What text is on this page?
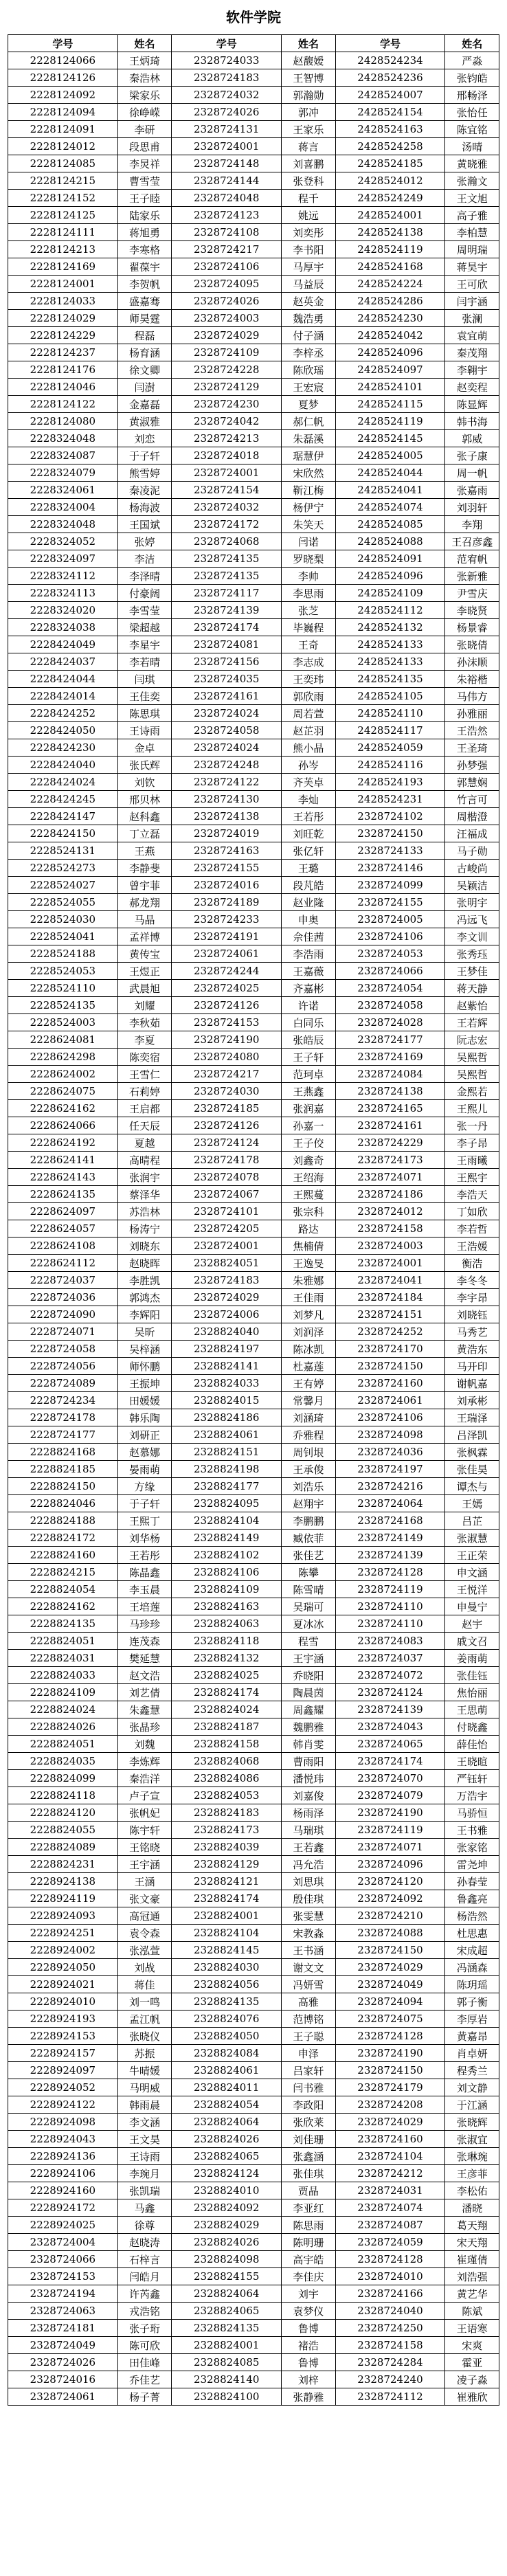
软件学院
学号	姓名	学号	姓名	学号	姓名
2228124066	王炳琦	2328724033	赵馥嫒	2428524234	严淼
2228124126	秦浩林	2328724183	王智博	2428524236	张钧皓
2228124092	梁家乐	2328724032	郭瀚勋	2428524007	邢畅泽
2228124094	徐峥嵘	2328724026	郭冲	2428524154	张怡任
2228124091	李研	2328724131	王家乐	2428524163	陈宜铭
2228124012	段思甫	2328724001	蒋言	2428524258	汤晴
2228124085	李炅祥	2328724148	刘喜鹏	2428524185	黄晓雅
2228124215	曹雪莹	2328724144	张登科	2428524012	张瀚文
2228124152	王子睦	2328724048	程千	2428524249	王文旭
2228124125	陆家乐	2328724123	姚远	2428524001	高子雅
2228124111	蒋旭勇	2328724108	刘奕彤	2428524138	李柏慧
2228124213	李寒格	2328724217	李书阳	2428524119	周明瑞
2228124169	翟葆宇	2328724106	马厚宇	2428524168	蒋昊宇
2228124001	李贺帆	2328724095	马益辰	2428524224	王可欣
2228124033	盛嘉骞	2328724026	赵英金	2428524286	闫宇涵
2228124029	师昊霆	2328724003	魏浩勇	2428524230	张澜
2228124229	程磊	2328724029	付子涵	2428524042	袁宜萌
2228124237	杨育涵	2328724109	李梓丞	2428524096	秦茂翔
2228124176	徐文卿	2328724228	陈欣瑶	2428524097	李翱宇
2228124046	闫澍	2328724129	王宏宸	2428524101	赵奕程
2228124122	金嘉磊	2328724230	夏梦	2428524115	陈显辉
2228124080	黄淑雅	2328724042	郝仁帆	2428524119	韩书海
2228324048	刘恋	2328724213	朱磊溪	2428524145	郭威
2228324087	于子轩	2328724018	琚慧伊	2428524005	张子康
2228324079	熊雪婷	2328724001	宋欣然	2428524044	周一帆
2228324061	秦凌泥	2328724154	靳江梅	2428524041	张嘉雨
2228324004	杨海波	2328724032	杨伊宁	2428524074	刘羽轩
2228324048	王国斌	2328724172	朱笑天	2428524085	李翔
2228324052	张婷	2328724068	闫诺	2428524088	王召彦鑫
2228324097	李洁	2328724135	罗晓梨	2428524091	范宥帆
2228324112	李泽晴	2328724135	李帅	2428524096	张新雅
2228324113	付豪阔	2328724117	李思雨	2428524109	尹雪庆
2228324020	李雪莹	2328724139	张芝	2428524112	李晓贤
2228324038	梁超越	2328724174	毕巍程	2428524132	杨景睿
2228424049	李星宇	2328724081	王奇	2428524133	张晓倩
2228424037	李若晴	2328724156	李志成	2428524133	孙沫顺
2228424044	闫琪	2328724035	王奕玮	2428524135	朱裕楷
2228424014	王佳奕	2328724161	郭欣雨	2428524105	马伟方
2228424252	陈思琪	2328724024	周若萱	2428524110	孙雅丽
2228424050	王诗雨	2328724058	赵芷羽	2428524117	王浩然
2228424230	金卓	2328724024	熊小晶	2428524059	王圣琦
2228424040	张氏辉	2328724248	孙岑	2428524116	孙梦强
2228424024	刘钦	2328724122	齐芙卓	2428524193	郭慧娴
2228424245	邢贝林	2328724130	李灿	2428524231	竹言可
2228424147	赵科鑫	2328724138	王若彤	2328724102	周楷澄
2228424150	丁立磊	2328724019	刘旺乾	2328724150	汪福成
2228524131	王燕	2328724163	张亿轩	2328724133	马子勋
2228524273	李静斐	2328724155	王璐	2328724146	古峻尚
2228524027	曾宇菲	2328724016	段芃皓	2328724099	吴颖洁
2228524055	郝龙翔	2328724189	赵业隆	2328724155	张明宇
2228524030	马晶	2328724233	申奥	2328724005	冯远飞
2228524041	孟祥博	2328724191	佘佳茜	2328724106	李文训
2228524188	黄传宝	2328724061	李浩雨	2328724053	张秀珏
2228524053	王煜正	2328724244	王嘉薇	2328724066	王梦佳
2228524110	武晨旭	2328724025	齐嘉彬	2328724054	蒋天静
2228524135	刘耀	2328724126	许诺	2328724058	赵紫怡
2228524003	李秋茹	2328724153	白同乐	2328724028	王若辉
2228624081	李夏	2328724190	张皓辰	2328724177	阮志宏
2228624298	陈奕宿	2328724080	王子轩	2328724169	吴熙哲
2228624002	王雪仁	2328724217	范珂卓	2328724084	吴熙哲
2228624075	石莉婷	2328724030	王燕鑫	2328724138	金熙若
2228624162	王启都	2328724185	张润嘉	2328724165	王熙儿
2228624066	任天辰	2328724126	孙嘉一	2328724161	张一丹
2228624192	夏越	2328724124	王子佼	2328724229	李子昂
2228624141	高晴程	2328724178	刘鑫奇	2328724173	王雨曦
2228624143	张润宇	2328724078	王绍海	2328724071	王熙宇
2228624135	蔡泽华	2328724067	王熙蔓	2328724186	李浩天
2228624097	苏浩林	2328724101	张宗科	2328724012	丁如欣
2228624057	杨涛宁	2328724205	路达	2328724158	李若哲
2228624108	刘晓东	2328724001	焦楠倩	2328724003	王浩媛
2228624112	赵晓晖	2328824051	王逸旻	2328724001	衡浩
2228724037	李胜凯	2328724183	朱雅娜	2328724041	李冬冬
2228724036	郭鸿杰	2328724029	王佳雨	2328724184	李宇昂
2228724090	李辉阳	2328724006	刘梦凡	2328724151	刘晓钰
2228724071	吴昕	2328824040	刘润泽	2328724252	马秀艺
2228724058	吴梓涵	2328824197	陈冰凯	2328724170	黄浩东
2228724056	师怀鹏	2328824141	杜嘉莲	2328724150	马开印
2228724089	王振坤	2328824033	王有婷	2328724160	谢帆嘉
2228724234	田媛媛	2328824015	常馨月	2328724061	刘承彬
2228724178	韩乐陶	2328824186	刘涵琦	2328724106	王瑞泽
2228724177	刘研正	2328824061	乔雅程	2328724098	吕泽凯
2228824168	赵慕娜	2328824151	周钊垠	2328724036	张枫霖
2228824185	晏雨萌	2328824198	王承俊	2328724197	张佳昊
2228824150	方缘	2328824177	刘浩乐	2328724216	谭杰与
2228824046	于子轩	2328824095	赵翔宇	2328724064	王嫣
2228824188	王熙丁	2328824104	李鹏鹏	2328724168	吕芷
2228824172	刘华杨	2328824149	臧依菲	2328724149	张淑慧
2228824160	王若彤	2328824102	张佳艺	2328724139	王正荣
2228824215	陈晶鑫	2328824106	陈攀	2328724128	申文涵
2228824054	李玉晨	2328824109	陈雪晴	2328724119	王悦洋
2228824162	王培莲	2328824163	吴瑞可	2328724110	申曼宁
2228824135	马珍珍	2328824063	夏冰冰	2328724110	赵宇
2228824051	连茂森	2328824118	程雪	2328724083	戚文召
2228824031	樊延慧	2328824132	王宇涵	2328724037	姜雨萌
2228824033	赵文浩	2328824025	乔晓阳	2328724072	张佳钰
2228824109	刘艺倩	2328824174	陶晨茵	2328724124	焦怡丽
2228824024	朱鑫慧	2328824024	周鑫耀	2328724139	王思萌
2228824026	张晶珍	2328824187	魏鹏雅	2328724043	付晓鑫
2228824051	刘魏	2328824158	韩肖雯	2328724065	薛佳怡
2228824035	李炼辉	2328824068	曹雨阳	2328724174	王晓暄
2228824099	秦浩洋	2328824086	潘悦玮	2328724070	严钰轩
2228824118	卢子宣	2328824053	刘嘉俊	2328724079	万浩宇
2228824120	张帆妃	2328824183	杨雨泽	2328724190	马骄恒
2228824055	陈宇轩	2328824173	马瑞琪	2328724119	王书雅
2228824089	王铭晓	2328824039	王若鑫	2328724071	张家铭
2228824231	王宇涵	2328824129	冯允浩	2328724096	雷尧坤
2228924138	王涵	2328824121	刘思琪	2328724120	孙春莹
2228924119	张文豪	2328824174	殷佳琪	2328724092	鲁鑫亮
2228924093	高冠通	2328824001	张雯慧	2328724210	杨浩然
2228924251	袁令森	2328824104	宋教淼	2328724088	杜思惠
2228924002	张泓萱	2328824145	王书涵	2328724150	宋成超
2228924050	刘战	2328824030	谢文文	2328724029	冯涵森
2228924021	蒋佳	2328824056	冯妍雪	2328724049	陈玥瑶
2228924010	刘一鸣	2328824135	高雅	2328724094	郭子衡
2228924193	孟江帆	2328824076	范博铭	2328724075	李厚岩
2228924153	张晓仪	2328824050	王子聪	2328724128	黄嘉昂
2228924157	苏振	2328824084	申泽	2328724190	肖卓妍
2228924097	牛晴媛	2328824061	吕家轩	2328724150	程秀兰
2228924052	马明威	2328824011	闫书雅	2328724179	刘文静
2228924122	韩雨晨	2328824054	李政阳	2328724208	于江涵
2228924098	李文涵	2328824064	张欣莱	2328724029	张晓辉
2228924043	王文昊	2328824026	刘佳珊	2328724160	张淑宜
2228924136	王诗雨	2328824065	张鑫涵	2328724104	张琳琬
2228924106	李琬月	2328824124	张佳琪	2328724212	王彦菲
2228924160	张凯瑞	2328824010	贾晶	2328724031	李松佑
2228924172	马鑫	2328824092	李亚红	2328724074	潘晓
2228924025	徐尊	2328824029	陈思雨	2328724087	葛天翔
2328724004	赵晓涛	2328824026	陈明珊	2328724059	宋天翔
2328724066	石梓言	2328824098	高宇皓	2328724128	崔瑾倩
2328724153	闫皓月	2328824155	李佳庆	2328724010	刘浩强
2328724194	许芮鑫	2328824064	刘宇	2328724166	黄艺华
2328724063	戎浩铭	2328824065	袁梦仪	2328724040	陈斌
2328724181	张子珩	2328824135	鲁博	2328724250	王语寒
2328724049	陈可欣	2328824001	褚浩	2328724158	宋爽
2328724026	田佳峰	2328824085	鲁博	2328724284	霍亚
2328724016	乔佳艺	2328824140	刘梓	2328724240	凌子淼
2328724061	杨子菁	2328824100	张静雅	2328724112	崔雅欣
